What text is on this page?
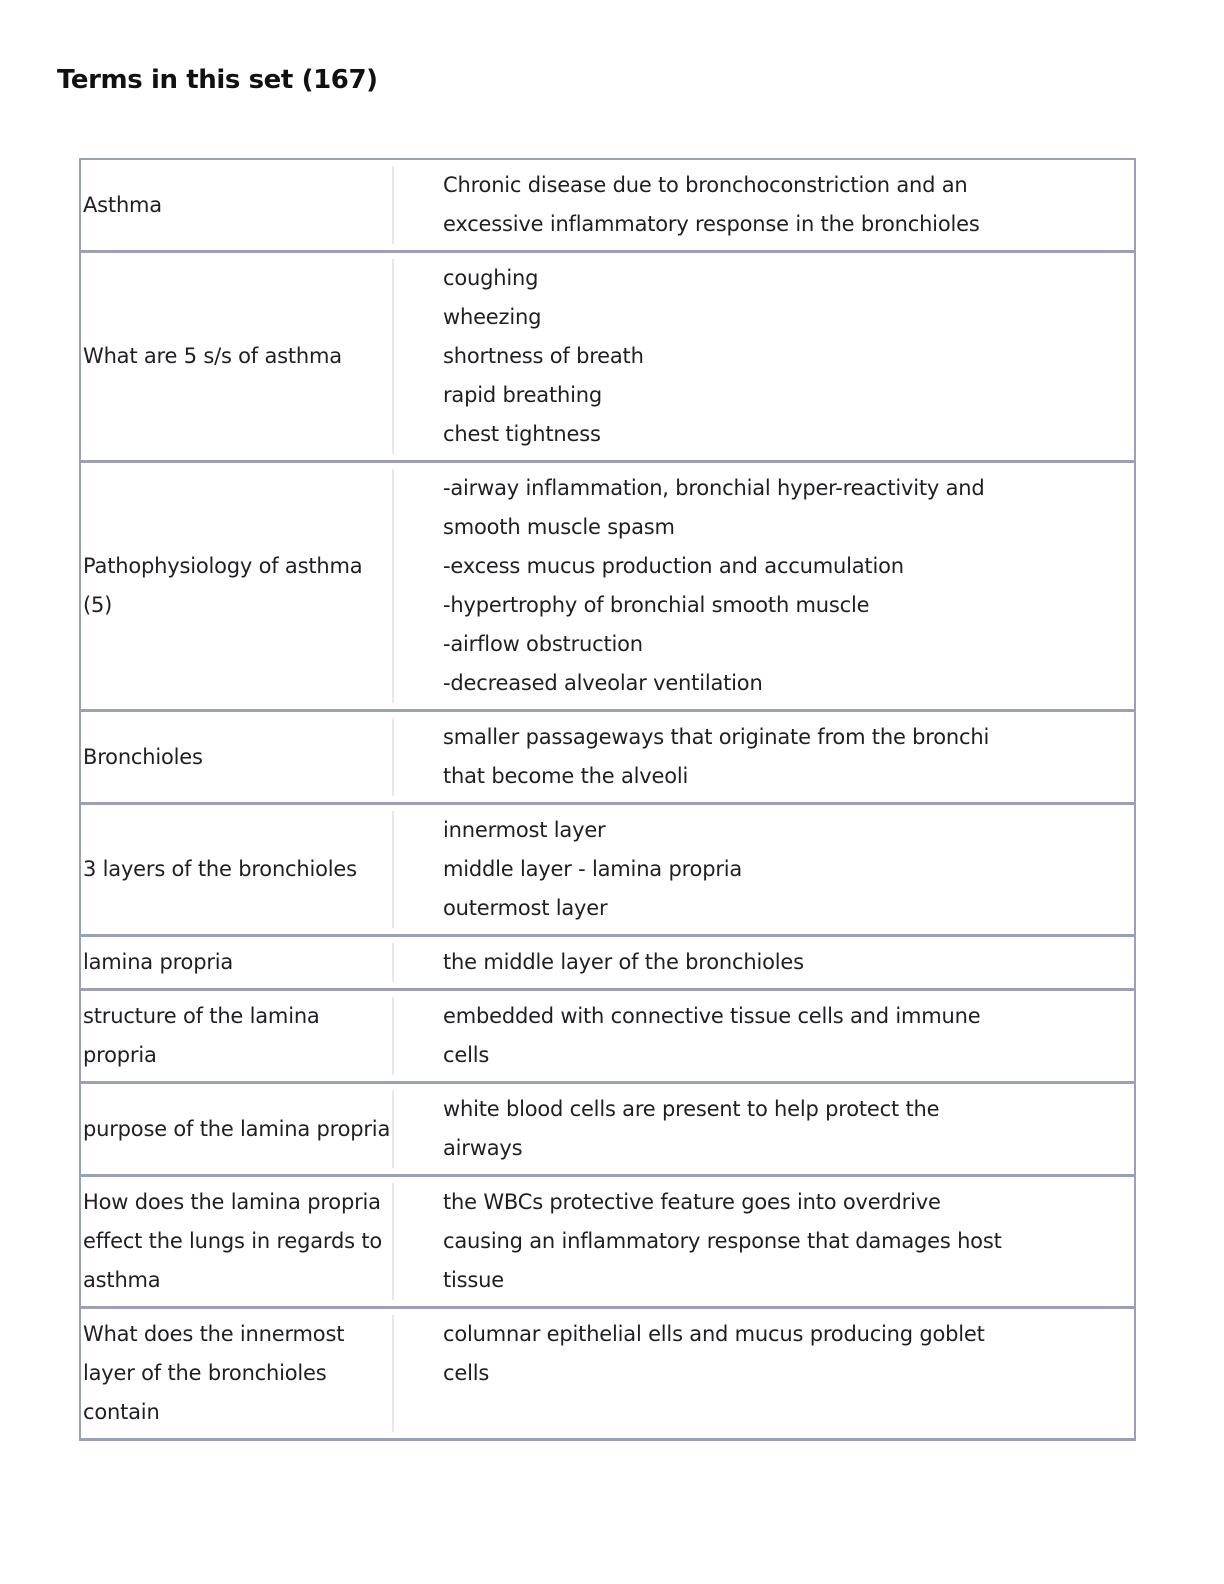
Terms in this set (167)
Asthma
Chronic disease due to bronchoconstriction and an
excessive inflammatory response in the bronchioles
What are 5 s/s of asthma
coughing
wheezing
shortness of breath
rapid breathing
chest tightness
Pathophysiology of asthma (5)
-airway inflammation, bronchial hyper-reactivity and
smooth muscle spasm
-excess mucus production and accumulation
-hypertrophy of bronchial smooth muscle
-airflow obstruction
-decreased alveolar ventilation
Bronchioles
smaller passageways that originate from the bronchi
that become the alveoli
3 layers of the bronchioles
innermost layer
middle layer - lamina propria
outermost layer
lamina propria	the middle layer of the bronchioles
structure of the lamina propria
embedded with connective tissue cells and immune
cells
purpose of the lamina propria
white blood cells are present to help protect the
airways
How does the lamina propria effect the lungs in regards to asthma
the WBCs protective feature goes into overdrive
causing an inflammatory response that damages host
tissue
What does the innermost layer of the bronchioles contain
columnar epithelial ells and mucus producing goblet
cells
